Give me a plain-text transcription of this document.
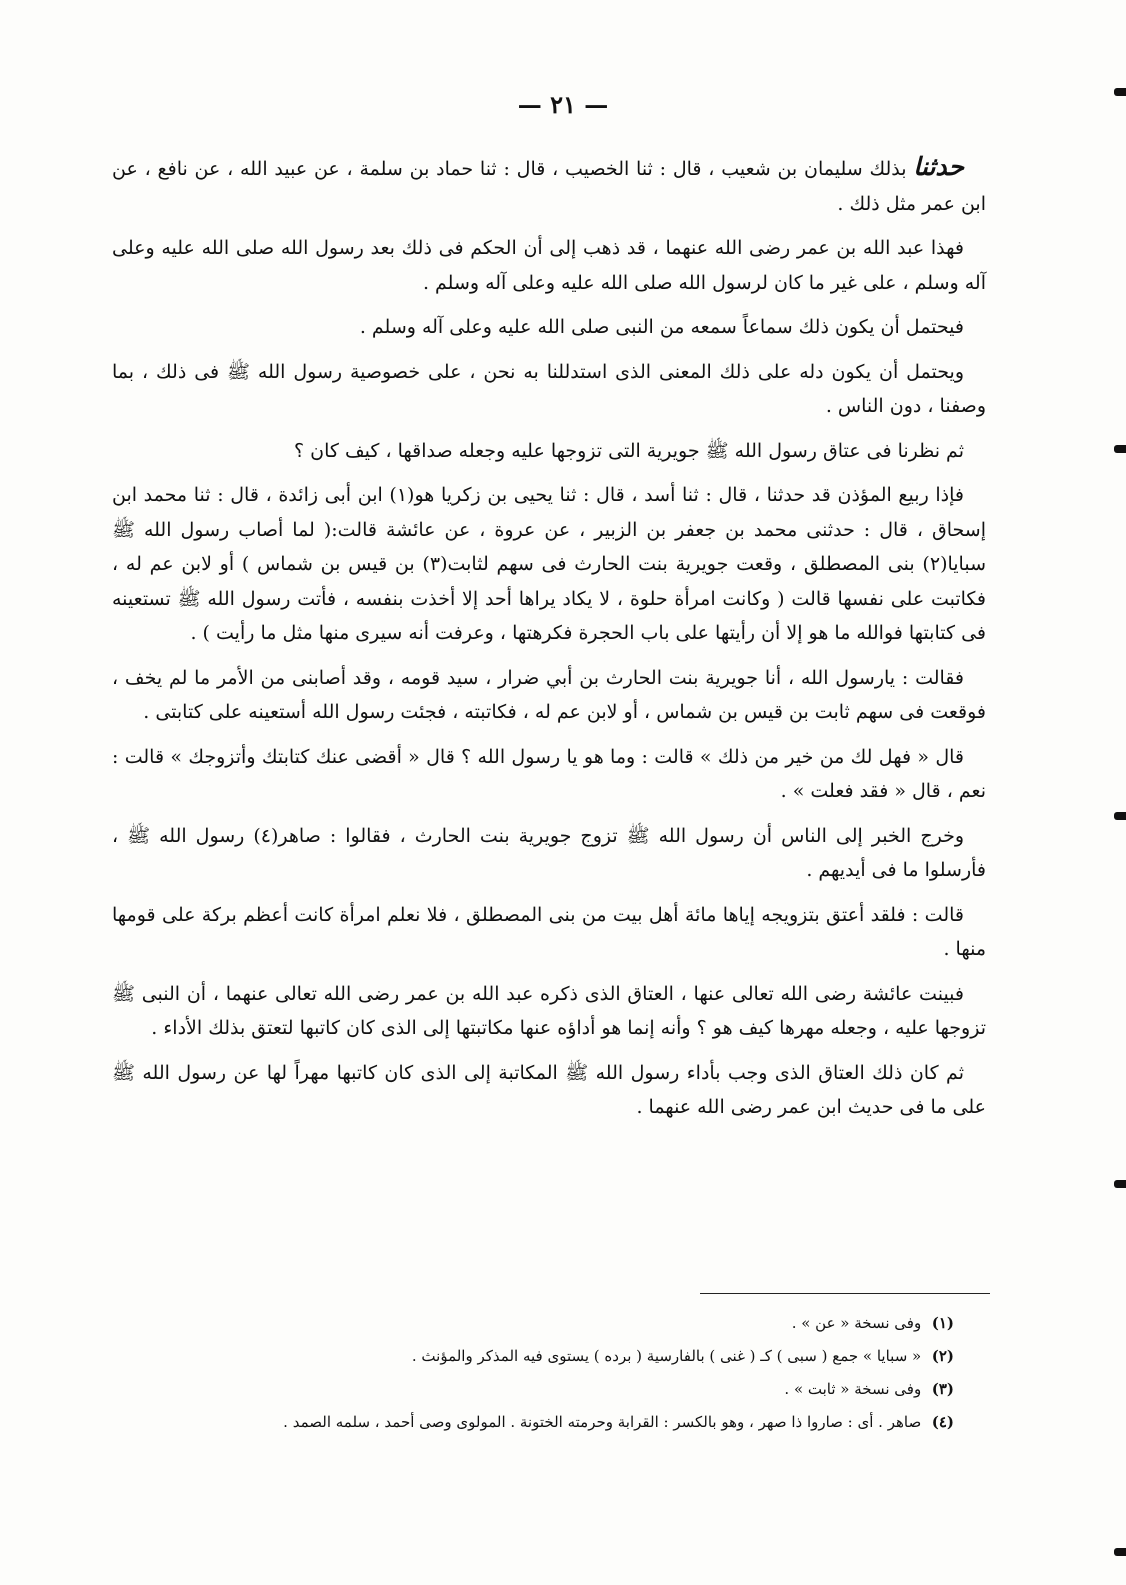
— ٢١ —

حدثنا بذلك سليمان بن شعيب ، قال : ثنا الخصيب ، قال : ثنا حماد بن سلمة ، عن عبيد الله ، عن نافع ، عن ابن عمر مثل ذلك .

فهذا عبد الله بن عمر رضى الله عنهما ، قد ذهب إلى أن الحكم فى ذلك بعد رسول الله صلى الله عليه وعلى آله وسلم ، على غير ما كان لرسول الله صلى الله عليه وعلى آله وسلم .

فيحتمل أن يكون ذلك سماعاً سمعه من النبى صلى الله عليه وعلى آله وسلم .

ويحتمل أن يكون دله على ذلك المعنى الذى استدللنا به نحن ، على خصوصية رسول الله ﷺ فى ذلك ، بما وصفنا ، دون الناس .

ثم نظرنا فى عتاق رسول الله ﷺ جويرية التى تزوجها عليه وجعله صداقها ، كيف كان ؟

فإذا ربيع المؤذن قد حدثنا ، قال : ثنا أسد ، قال : ثنا يحيى بن زكريا هو(١) ابن أبى زائدة ، قال : ثنا محمد ابن إسحاق ، قال : حدثنى محمد بن جعفر بن الزبير ، عن عروة ، عن عائشة قالت:( لما أصاب رسول الله ﷺ سبايا(٢) بنى المصطلق ، وقعت جويرية بنت الحارث فى سهم لثابت(٣) بن قيس بن شماس ) أو لابن عم له ، فكاتبت على نفسها قالت ( وكانت امرأة حلوة ، لا يكاد يراها أحد إلا أخذت بنفسه ، فأتت رسول الله ﷺ تستعينه فى كتابتها فوالله ما هو إلا أن رأيتها على باب الحجرة فكرهتها ، وعرفت أنه سيرى منها مثل ما رأيت ) .

فقالت : يارسول الله ، أنا جويرية بنت الحارث بن أبي ضرار ، سيد قومه ، وقد أصابنى من الأمر ما لم يخف ، فوقعت فى سهم ثابت بن قيس بن شماس ، أو لابن عم له ، فكاتبته ، فجئت رسول الله أستعينه على كتابتى .

قال « فهل لك من خير من ذلك » قالت : وما هو يا رسول الله ؟ قال « أقضى عنك كتابتك وأتزوجك » قالت : نعم ، قال « فقد فعلت » .

وخرج الخبر إلى الناس أن رسول الله ﷺ تزوج جويرية بنت الحارث ، فقالوا : صاهر(٤) رسول الله ﷺ ، فأرسلوا ما فى أيديهم .

قالت : فلقد أعتق بتزويجه إياها مائة أهل بيت من بنى المصطلق ، فلا نعلم امرأة كانت أعظم بركة على قومها منها .

فبينت عائشة رضى الله تعالى عنها ، العتاق الذى ذكره عبد الله بن عمر رضى الله تعالى عنهما ، أن النبى ﷺ تزوجها عليه ، وجعله مهرها كيف هو ؟ وأنه إنما هو أداؤه عنها مكاتبتها إلى الذى كان كاتبها لتعتق بذلك الأداء .

ثم كان ذلك العتاق الذى وجب بأداء رسول الله ﷺ المكاتبة إلى الذى كان كاتبها مهراً لها عن رسول الله ﷺ على ما فى حديث ابن عمر رضى الله عنهما .

(١) وفى نسخة « عن » .
(٢) « سبايا » جمع ( سبى ) كـ ( غنى ) بالفارسية ( برده ) يستوى فيه المذكر والمؤنث .
(٣) وفى نسخة « ثابت » .
(٤) صاهر . أى : صاروا ذا صهر ، وهو بالكسر : القرابة وحرمته الختونة . المولوى وصى أحمد ، سلمه الصمد .
